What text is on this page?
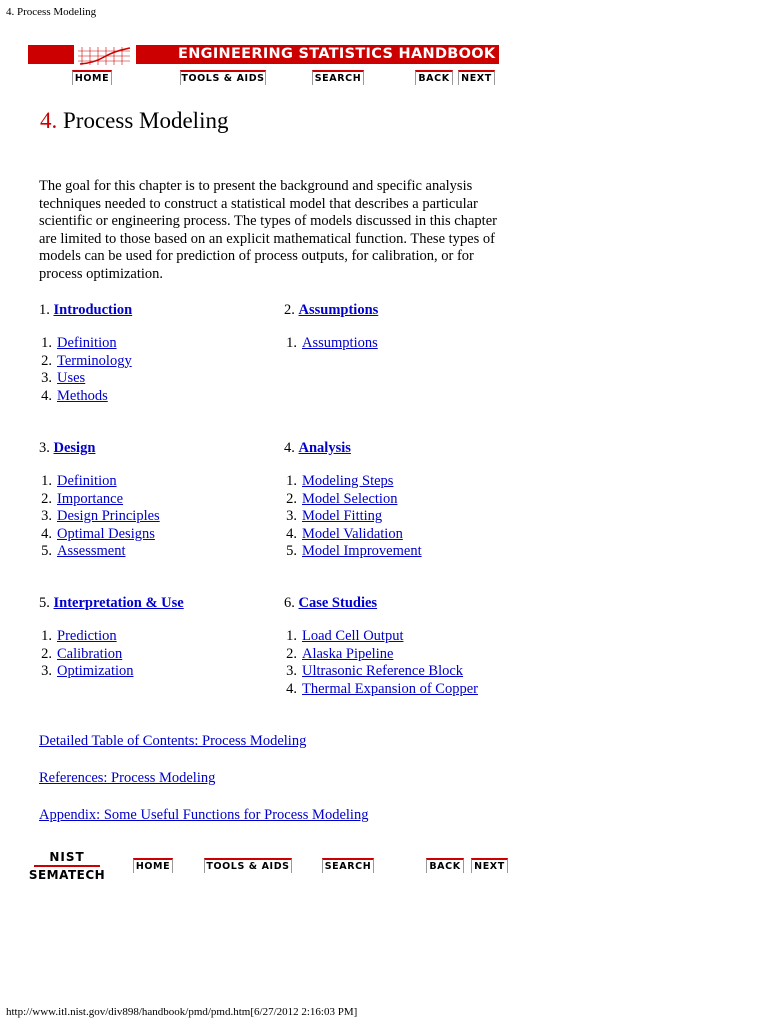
4. Process Modeling
ENGINEERING STATISTICS HANDBOOK
HOME	TOOLS & AIDS	SEARCH	BACK	NEXT
4. Process Modeling
The goal for this chapter is to present the background and specific analysis techniques needed to construct a statistical model that describes a particular scientific or engineering process. The types of models discussed in this chapter are limited to those based on an explicit mathematical function. These types of models can be used for prediction of process outputs, for calibration, or for process optimization.
1. Introduction
1. Definition
2. Terminology
3. Uses
4. Methods
2. Assumptions
1. Assumptions
3. Design
1. Definition
2. Importance
3. Design Principles
4. Optimal Designs
5. Assessment
4. Analysis
1. Modeling Steps
2. Model Selection
3. Model Fitting
4. Model Validation
5. Model Improvement
5. Interpretation & Use
1. Prediction
2. Calibration
3. Optimization
6. Case Studies
1. Load Cell Output
2. Alaska Pipeline
3. Ultrasonic Reference Block
4. Thermal Expansion of Copper
Detailed Table of Contents: Process Modeling
References: Process Modeling
Appendix: Some Useful Functions for Process Modeling
NIST
SEMATECH
HOME	TOOLS & AIDS	SEARCH	BACK	NEXT
http://www.itl.nist.gov/div898/handbook/pmd/pmd.htm[6/27/2012 2:16:03 PM]
